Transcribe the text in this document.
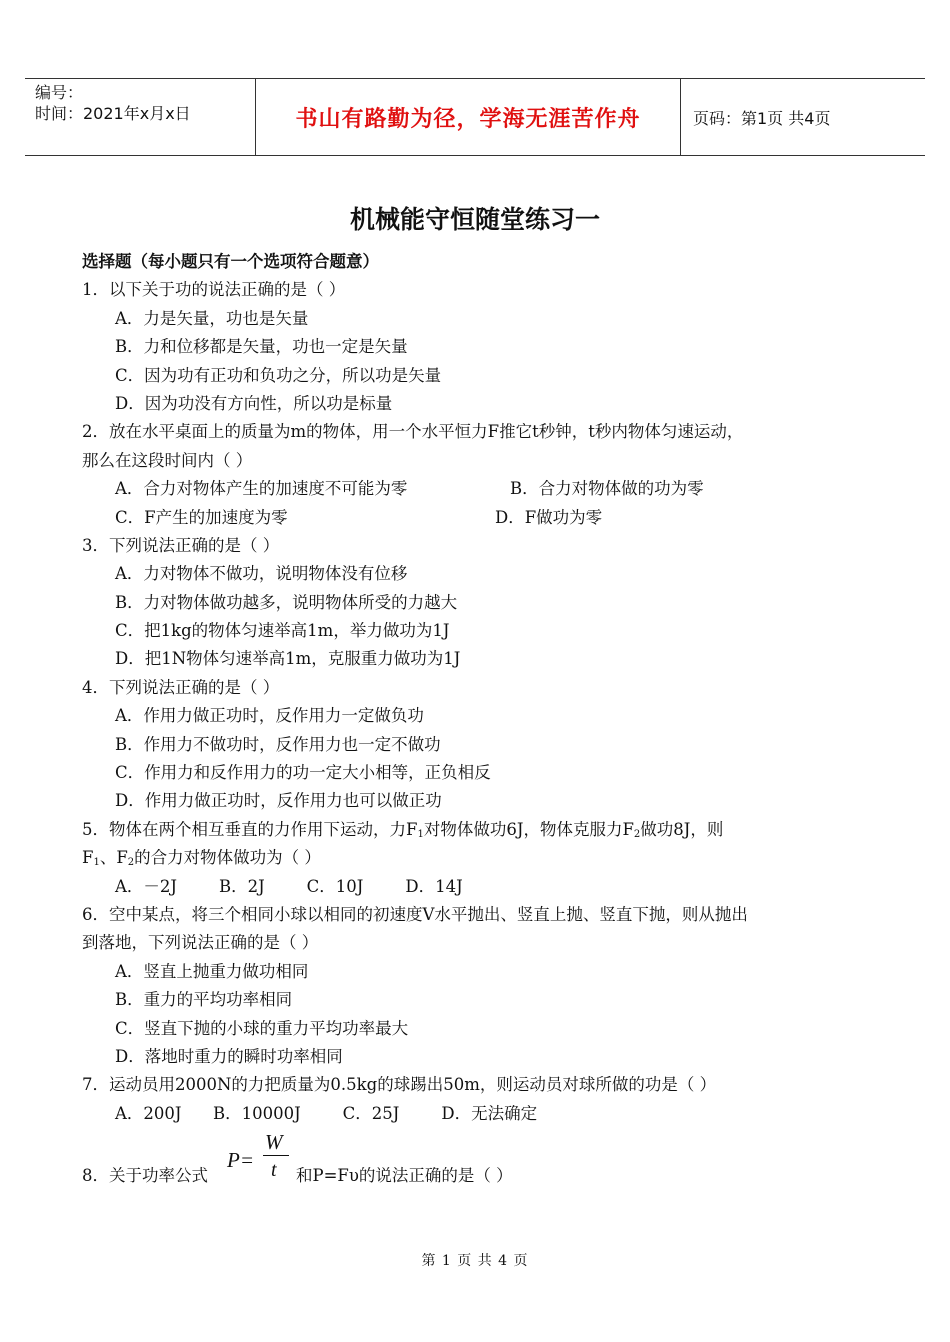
编号：
时间：2021年x月x日	书山有路勤为径，学海无涯苦作舟	页码：第1页 共4页
机械能守恒随堂练习一
选择题（每小题只有一个选项符合题意）
1．以下关于功的说法正确的是（ ）
A．力是矢量，功也是矢量
B．力和位移都是矢量，功也一定是矢量
C．因为功有正功和负功之分，所以功是矢量
D．因为功没有方向性，所以功是标量
2．放在水平桌面上的质量为m的物体，用一个水平恒力F推它t秒钟，t秒内物体匀速运动，
那么在这段时间内（ ）
A．合力对物体产生的加速度不可能为零	B．合力对物体做的功为零
C．F产生的加速度为零	D．F做功为零
3．下列说法正确的是（ ）
A．力对物体不做功，说明物体没有位移
B．力对物体做功越多，说明物体所受的力越大
C．把1kg的物体匀速举高1m，举力做功为1J
D．把1N物体匀速举高1m，克服重力做功为1J
4．下列说法正确的是（ ）
A．作用力做正功时，反作用力一定做负功
B．作用力不做功时，反作用力也一定不做功
C．作用力和反作用力的功一定大小相等，正负相反
D．作用力做正功时，反作用力也可以做正功
5．物体在两个相互垂直的力作用下运动，力$F_1$对物体做功6J，物体克服力$F_2$做功8J，则
$F_1$、$F_2$的合力对物体做功为（ ）
A．－2J        B．2J        C．10J        D．14J
6．空中某点，将三个相同小球以相同的初速度V水平抛出、竖直上抛、竖直下抛，则从抛出
到落地，下列说法正确的是（ ）
A．竖直上抛重力做功相同
B．重力的平均功率相同
C．竖直下抛的小球的重力平均功率最大
D．落地时重力的瞬时功率相同
7．运动员用2000N的力把质量为0.5kg的球踢出50m，则运动员对球所做的功是（ ）
A．200J      B．10000J        C．25J        D．无法确定
8．关于功率公式
P=
W
t 和P=Fυ的说法正确的是（ ）
第 1 页 共 4 页
